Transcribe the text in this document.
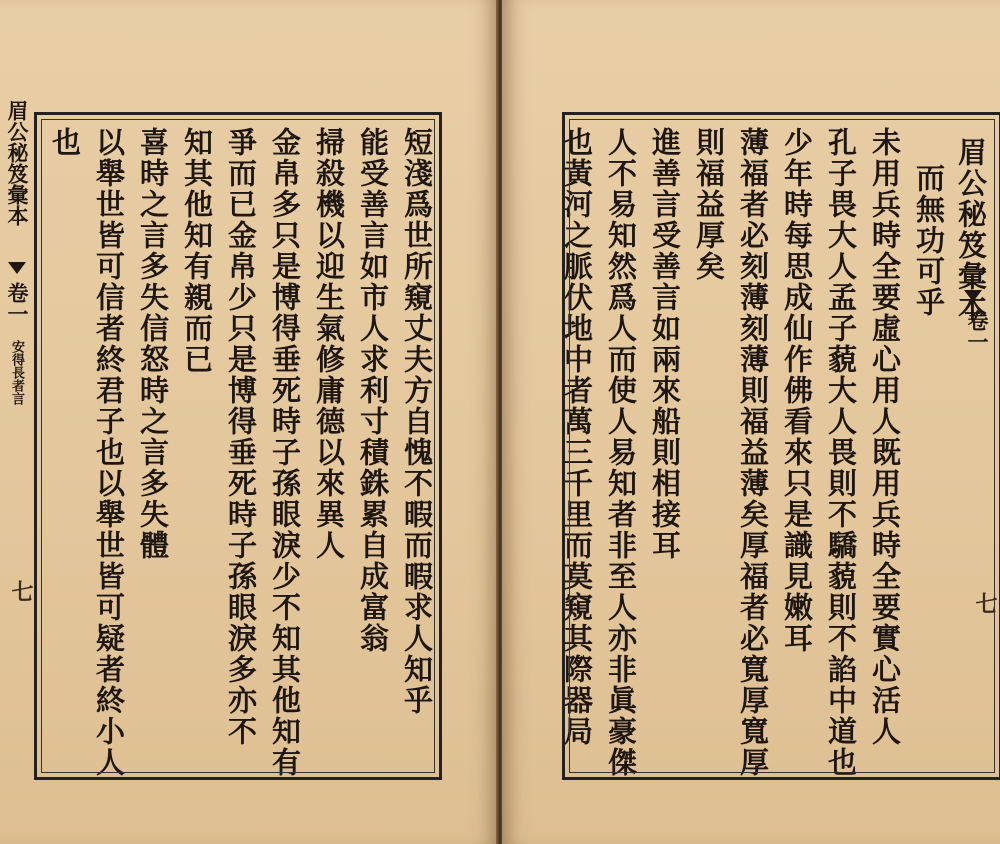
短淺爲世所窺丈夫方自愧不暇而暇求人知乎
能受善言如市人求利寸積銖累自成富翁
掃殺機以迎生氣修庸德以來異人
金帛多只是博得垂死時子孫眼淚少不知其他知有
爭而已金帛少只是博得垂死時子孫眼淚多亦不
知其他知有親而已
喜時之言多失信怒時之言多失體
以舉世皆可信者終君子也以舉世皆可疑者終小人
也
眉公秘笈彙本
卷一
安得長者言
七

眉公秘笈彙本
而無功可乎
未用兵時全要虛心用人既用兵時全要實心活人
孔子畏大人孟子藐大人畏則不驕藐則不諂中道也
少年時每思成仙作佛看來只是識見嫩耳
薄福者必刻薄刻薄則福益薄矣厚福者必寬厚寬厚
則福益厚矣
進善言受善言如兩來船則相接耳
人不易知然爲人而使人易知者非至人亦非眞豪傑
也黃河之脈伏地中者萬三千里而莫窺其際器局	卷一
七
